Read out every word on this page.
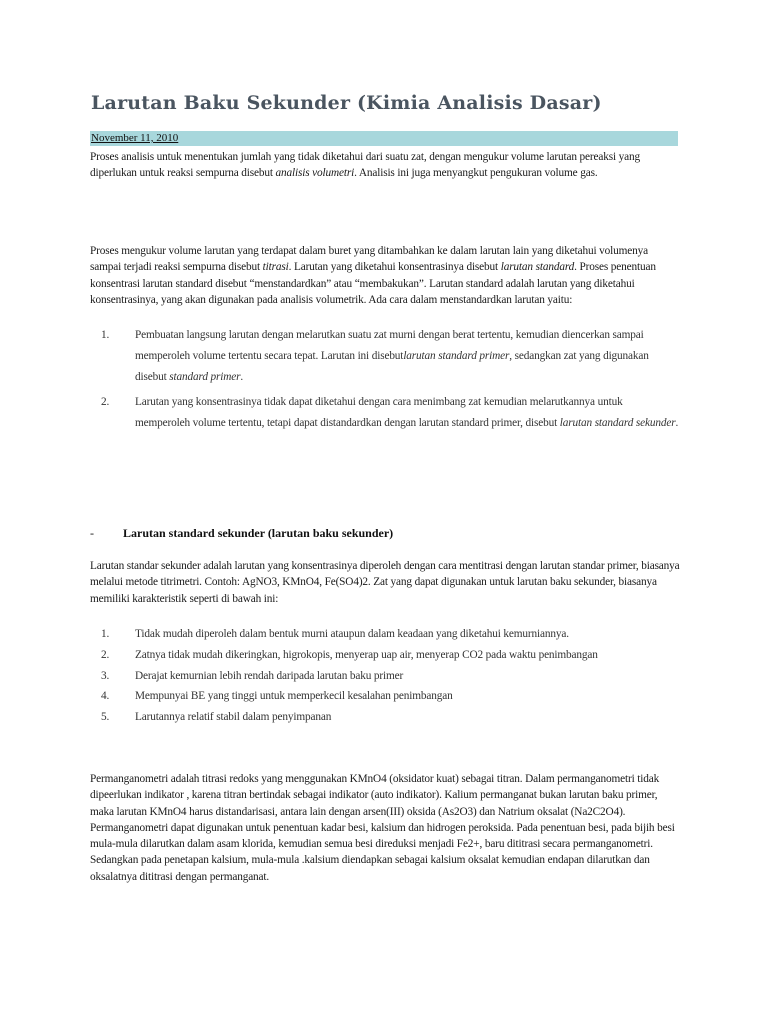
Larutan Baku Sekunder (Kimia Analisis Dasar)
November 11, 2010

Proses analisis untuk menentukan jumlah yang tidak diketahui dari suatu zat, dengan mengukur volume larutan pereaksi yang diperlukan untuk reaksi sempurna disebut analisis volumetri. Analisis ini juga menyangkut pengukuran volume gas.

Proses mengukur volume larutan yang terdapat dalam buret yang ditambahkan ke dalam larutan lain yang diketahui volumenya sampai terjadi reaksi sempurna disebut titrasi. Larutan yang diketahui konsentrasinya disebut larutan standard. Proses penentuan konsentrasi larutan standard disebut “menstandardkan” atau “membakukan”. Larutan standard adalah larutan yang diketahui konsentrasinya, yang akan digunakan pada analisis volumetrik. Ada cara dalam menstandardkan larutan yaitu:

1.	Pembuatan langsung larutan dengan melarutkan suatu zat murni dengan berat tertentu, kemudian diencerkan sampai memperoleh volume tertentu secara tepat. Larutan ini disebutlarutan standard primer, sedangkan zat yang digunakan disebut standard primer.
2.	Larutan yang konsentrasinya tidak dapat diketahui dengan cara menimbang zat kemudian melarutkannya untuk memperoleh volume tertentu, tetapi dapat distandardkan dengan larutan standard primer, disebut larutan standard sekunder.
- Larutan standard sekunder (larutan baku sekunder)

Larutan standar sekunder adalah larutan yang konsentrasinya diperoleh dengan cara mentitrasi dengan larutan standar primer, biasanya melalui metode titrimetri. Contoh: AgNO3, KMnO4, Fe(SO4)2. Zat yang dapat digunakan untuk larutan baku sekunder, biasanya memiliki karakteristik seperti di bawah ini:

1. Tidak mudah diperoleh dalam bentuk murni ataupun dalam keadaan yang diketahui kemurniannya.
2. Zatnya tidak mudah dikeringkan, higrokopis, menyerap uap air, menyerap CO2 pada waktu penimbangan
3. Derajat kemurnian lebih rendah daripada larutan baku primer
4. Mempunyai BE yang tinggi untuk memperkecil kesalahan penimbangan
5. Larutannya relatif stabil dalam penyimpanan

Permanganometri adalah titrasi redoks yang menggunakan KMnO4 (oksidator kuat) sebagai titran. Dalam permanganometri tidak dipeerlukan indikator , karena titran bertindak sebagai indikator (auto indikator). Kalium permanganat bukan larutan baku primer, maka larutan KMnO4 harus distandarisasi, antara lain dengan arsen(III) oksida (As2O3) dan Natrium oksalat (Na2C2O4). Permanganometri dapat digunakan untuk penentuan kadar besi, kalsium dan hidrogen peroksida. Pada penentuan besi, pada bijih besi mula-mula dilarutkan dalam asam klorida, kemudian semua besi direduksi menjadi Fe2+, baru dititrasi secara permanganometri. Sedangkan pada penetapan kalsium, mula-mula .kalsium diendapkan sebagai kalsium oksalat kemudian endapan dilarutkan dan oksalatnya dititrasi dengan permanganat.
